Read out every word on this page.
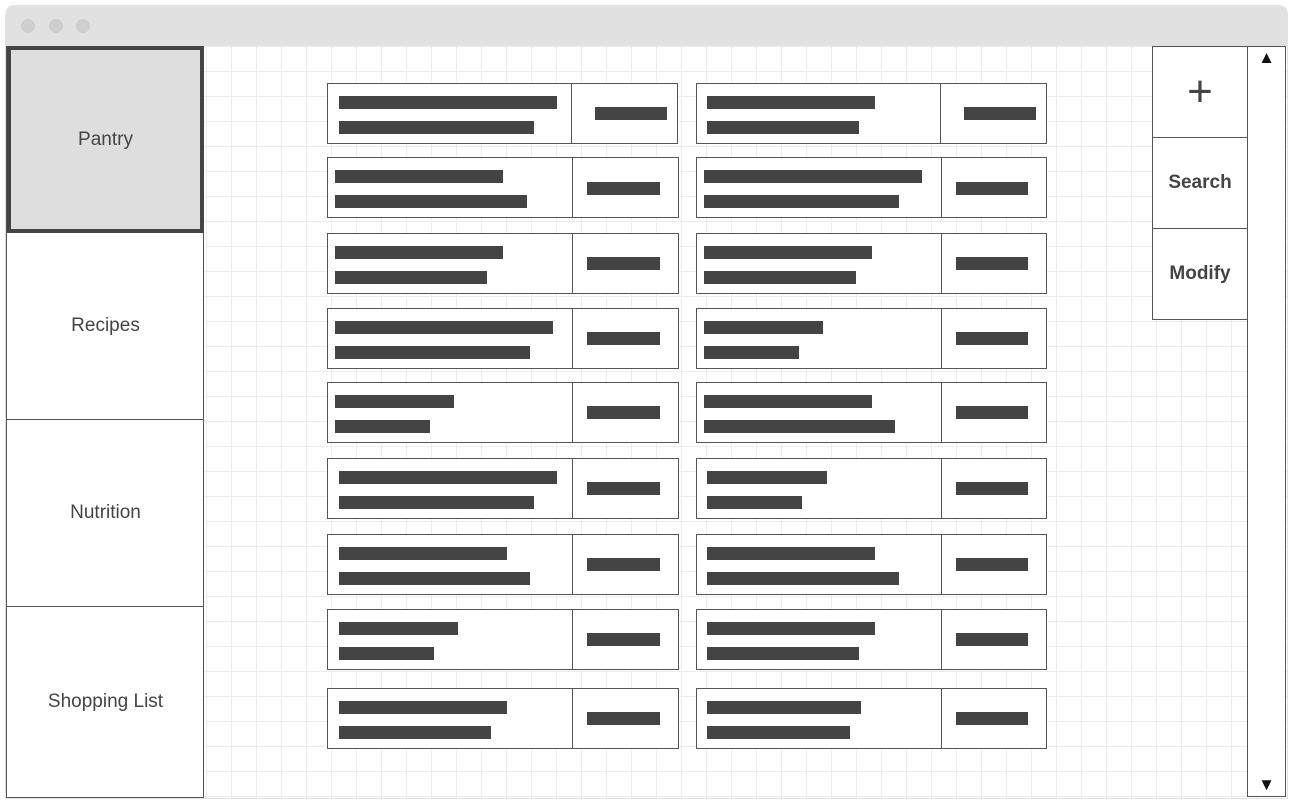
Pantry
Recipes
Nutrition
Shopping List
+
Search
Modify
▲
▼
